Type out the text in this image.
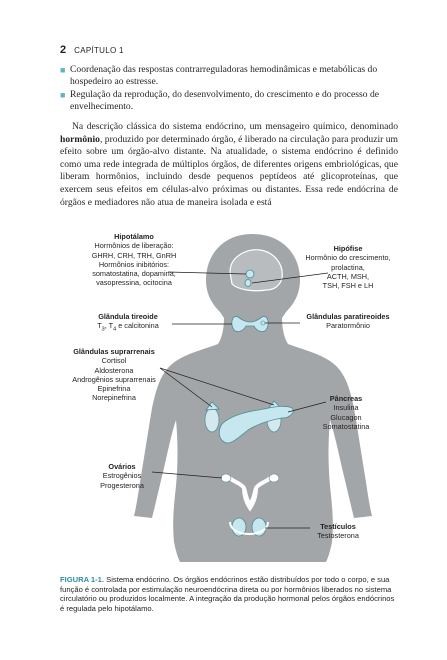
2 CAPÍTULO 1
■ Coordenação das respostas contrarreguladoras hemodinâmicas e metabólicas do hospedeiro ao estresse.
■ Regulação da reprodução, do desenvolvimento, do crescimento e do processo de envelhecimento.
Na descrição clássica do sistema endócrino, um mensageiro químico, denominado hormônio, produzido por determinado órgão, é liberado na circulação para produzir um efeito sobre um órgão-alvo distante. Na atualidade, o sistema endócrino é definido como uma rede integrada de múltiplos órgãos, de diferentes origens embriológicas, que liberam hormônios, incluindo desde pequenos peptídeos até glicoproteínas, que exercem seus efeitos em células-alvo próximas ou distantes. Essa rede endócrina de órgãos e mediadores não atua de maneira isolada e está
Hipotálamo
Hormônios de liberação:
GHRH, CRH, TRH, GnRH
Hormônios inibitórios:
somatostatina, dopamina,
vasopressina, ocitocina
Hipófise
Hormônio do crescimento,
prolactina,
ACTH, MSH,
TSH, FSH e LH
Glândula tireoide
$T_3$, $T_4$ e calcitonina
Glândulas paratireoides
Paratormônio
Glândulas suprarrenais
Cortisol
Aldosterona
Androgênios suprarrenais
Epinefrina
Norepinefrina	Pâncreas
Insulina
Glucagon
Somatostatina
Ovários
Estrogênios
Progesterona
Testículos
Testosterona
FIGURA 1-1. Sistema endócrino. Os órgãos endócrinos estão distribuídos por todo o corpo, e sua função é controlada por estimulação neuroendócrina direta ou por hormônios liberados no sistema circulatório ou produzidos localmente. A integração da produção hormonal pelos órgãos endócrinos é regulada pelo hipotálamo.
